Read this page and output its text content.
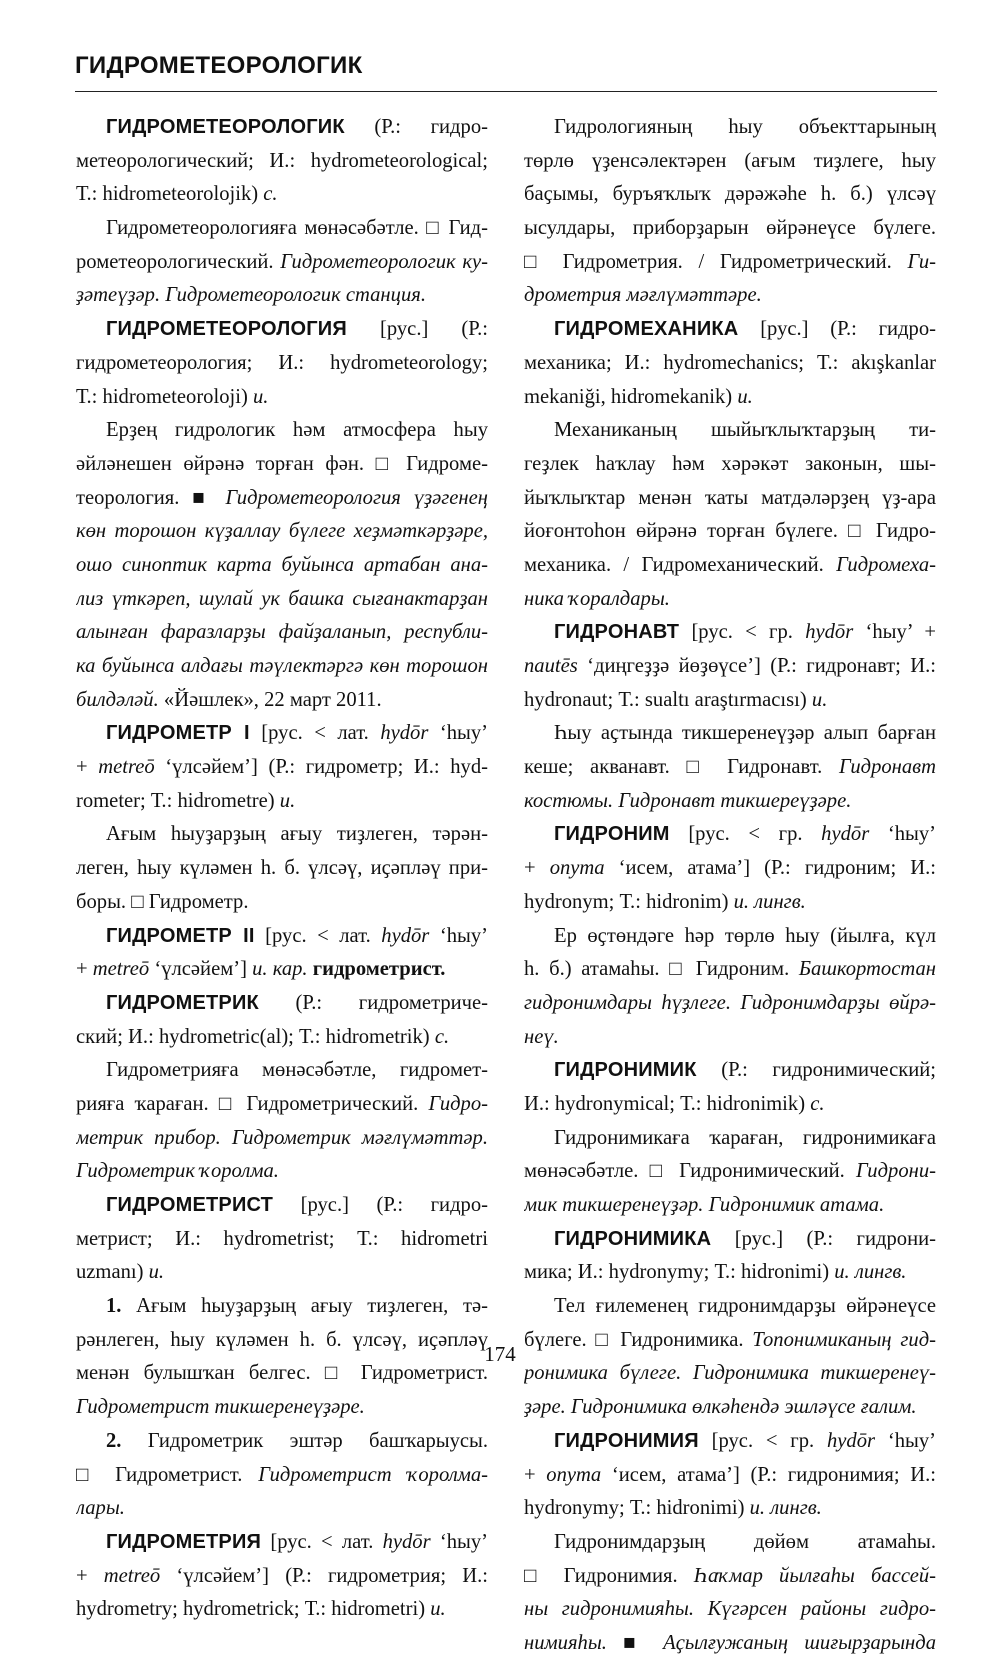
ГИДРОМЕТЕОРОЛОГИК
ГИДРОМЕТЕОРОЛОГИК (Р.: гидро-
метеорологический; И.: hydrometeorological;
Т.: hidrometeorolojik) с.
Гидрометеорологияға мөнәсәбәтле. □ Гид-
рометеорологический. Гидрометеорологик ку-
ҙәтеүҙәр. Гидрометеорологик станция.
ГИДРОМЕТЕОРОЛОГИЯ [рус.] (Р.:
гидрометеорология; И.: hydrometeorology;
Т.: hidrometeoroloji) и.
Ерҙең гидрологик һәм атмосфера һыу
әйләнешен өйрәнә торған фән. □ Гидроме-
теорология. ■ Гидрометеорология үҙәгенең
көн торошон күҙаллау бүлеге хеҙмәткәрҙәре,
ошо синоптик карта буйынса артабан ана-
лиз үткәреп, шулай ук башка сығанактарҙан
алынған фаразларҙы файҙаланып, республи-
ка буйынса алдағы тәүлектәргә көн торошон
билдәләй. «Йәшлек», 22 март 2011.
ГИДРОМЕТР I [рус. < лат. hydōr ‘һыу’
+ metreō ‘үлсәйем’] (Р.: гидрометр; И.: hyd-
rometer; Т.: hidrometre) и.
Ағым һыуҙарҙың ағыу тиҙлеген, тәрән-
леген, һыу күләмен һ. б. үлсәү, иҫәпләү при-
боры. □ Гидрометр.
ГИДРОМЕТР II [рус. < лат. hydōr ‘һыу’
+ metreō ‘үлсәйем’] и. кар. гидрометрист.
ГИДРОМЕТРИК (Р.: гидрометриче-
ский; И.: hydrometric(al); Т.: hidrometrik) с.
Гидрометрияға мөнәсәбәтле, гидромет-
рияға ҡараған. □ Гидрометрический. Гидро-
метрик прибор. Гидрометрик мәғлүмәттәр.
Гидрометрик ҡоролма.
ГИДРОМЕТРИСТ [рус.] (Р.: гидро-
метрист; И.: hydrometrist; Т.: hidrometri
uzmanı) и.
1. Ағым һыуҙарҙың ағыу тиҙлеген, тә-
рәнлеген, һыу күләмен һ. б. үлсәү, иҫәпләү
менән булышҡан белгес. □ Гидрометрист.
Гидрометрист тикшеренеүҙәре.
2. Гидрометрик эштәр башҡарыусы.
□ Гидрометрист. Гидрометрист ҡоролма-
лары.
ГИДРОМЕТРИЯ [рус. < лат. hydōr ‘һыу’
+ metreō ‘үлсәйем’] (Р.: гидрометрия; И.:
hydrometry; hydrometrick; Т.: hidrometri) и.
Гидрологияның һыу объекттарының
төрлө үҙенсәлектәрен (ағым тиҙлеге, һыу
баҫымы, буръяҡлыҡ дәрәжәһе һ. б.) үлсәү
ысулдары, приборҙарын өйрәнеүсе бүлеге.
□ Гидрометрия. / Гидрометрический. Ги-
дрометрия мәғлүмәттәре.
ГИДРОМЕХАНИКА [рус.] (Р.: гидро-
механика; И.: hydromechanics; Т.: akışkanlar
mekaniği, hidromekanik) и.
Механиканың шыйыҡлыҡтарҙың ти-
геҙлек һаҡлау һәм хәрәкәт законын, шы-
йыҡлыҡтар менән ҡаты матдәләрҙең үҙ-ара
йоғонтоһон өйрәнә торған бүлеге. □ Гидро-
механика. / Гидромеханический. Гидромеха-
ника ҡоралдары.
ГИДРОНАВТ [рус. < гр. hydōr ‘һыу’ +
nautēs ‘диңгеҙҙә йөҙөүсе’] (Р.: гидронавт; И.:
hydronaut; Т.: sualtı araştırmacısı) и.
Һыу аҫтында тикшеренеүҙәр алып барған
кеше; акванавт. □ Гидронавт. Гидронавт
костюмы. Гидронавт тикшереүҙәре.
ГИДРОНИМ [рус. < гр. hydōr ‘һыу’
+ onyma ‘исем, атама’] (Р.: гидроним; И.:
hydronym; Т.: hidronim) и. лингв.
Ер өҫтөндәге һәр төрлө һыу (йылға, күл
һ. б.) атамаһы. □ Гидроним. Башкортостан
гидронимдары һүҙлеге. Гидронимдарҙы өйрә-
неү.
ГИДРОНИМИК (Р.: гидронимический;
И.: hydronymical; Т.: hidronimik) с.
Гидронимикаға ҡараған, гидронимикаға
мөнәсәбәтле. □ Гидронимический. Гидрони-
мик тикшеренеүҙәр. Гидронимик атама.
ГИДРОНИМИКА [рус.] (Р.: гидрони-
мика; И.: hydronymy; Т.: hidronimi) и. лингв.
Тел ғилеменең гидронимдарҙы өйрәнеүсе
бүлеге. □ Гидронимика. Топонимиканың гид-
ронимика бүлеге. Гидронимика тикшеренеү-
ҙәре. Гидронимика өлкәһендә эшләүсе ғалим.
ГИДРОНИМИЯ [рус. < гр. hydōr ‘һыу’
+ onyma ‘исем, атама’] (Р.: гидронимия; И.:
hydronymy; Т.: hidronimi) и. лингв.
Гидронимдарҙың дөйөм атамаһы.
□ Гидронимия. Һаҡмар йылғаһы бассей-
ны гидронимияһы. Күгәрсен районы гидро-
нимияһы. ■ Аҫылғужаның шиғырҙарында
174
